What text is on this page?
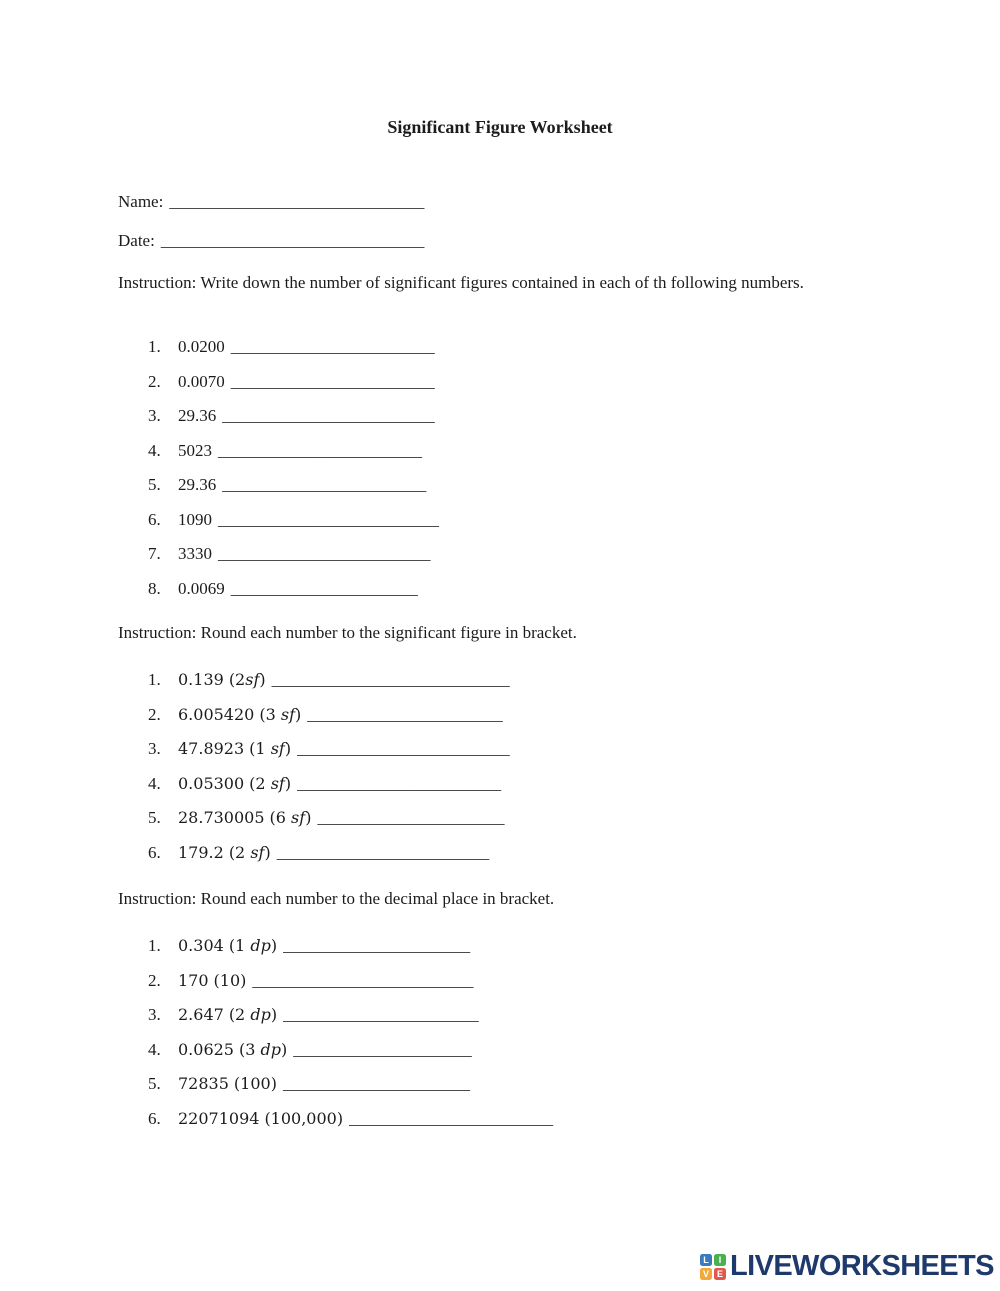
Significant Figure Worksheet
Name: ______________________________
Date: _______________________________
Instruction: Write down the number of significant figures contained in each of th following numbers.
1. 0.0200 ________________________
2. 0.0070 ________________________
3. 29.36 _________________________
4. 5023 ________________________
5. 29.36 ________________________
6. 1090 __________________________
7. 3330 _________________________
8. 0.0069 ______________________
Instruction: Round each number to the significant figure in bracket.
1. 0.139 (2sf) ____________________________
2. 6.005420 (3 sf) _______________________
3. 47.8923 (1 sf) _________________________
4. 0.05300 (2 sf) ________________________
5. 28.730005 (6 sf) ______________________
6. 179.2 (2 sf) _________________________
Instruction: Round each number to the decimal place in bracket.
1. 0.304 (1 dp) ______________________
2. 170 (10) __________________________
3. 2.647 (2 dp) _______________________
4. 0.0625 (3 dp) _____________________
5. 72835 (100) ______________________
6. 22071094 (100,000) ________________________
L	I
V E LIVEWORKSHEETS
